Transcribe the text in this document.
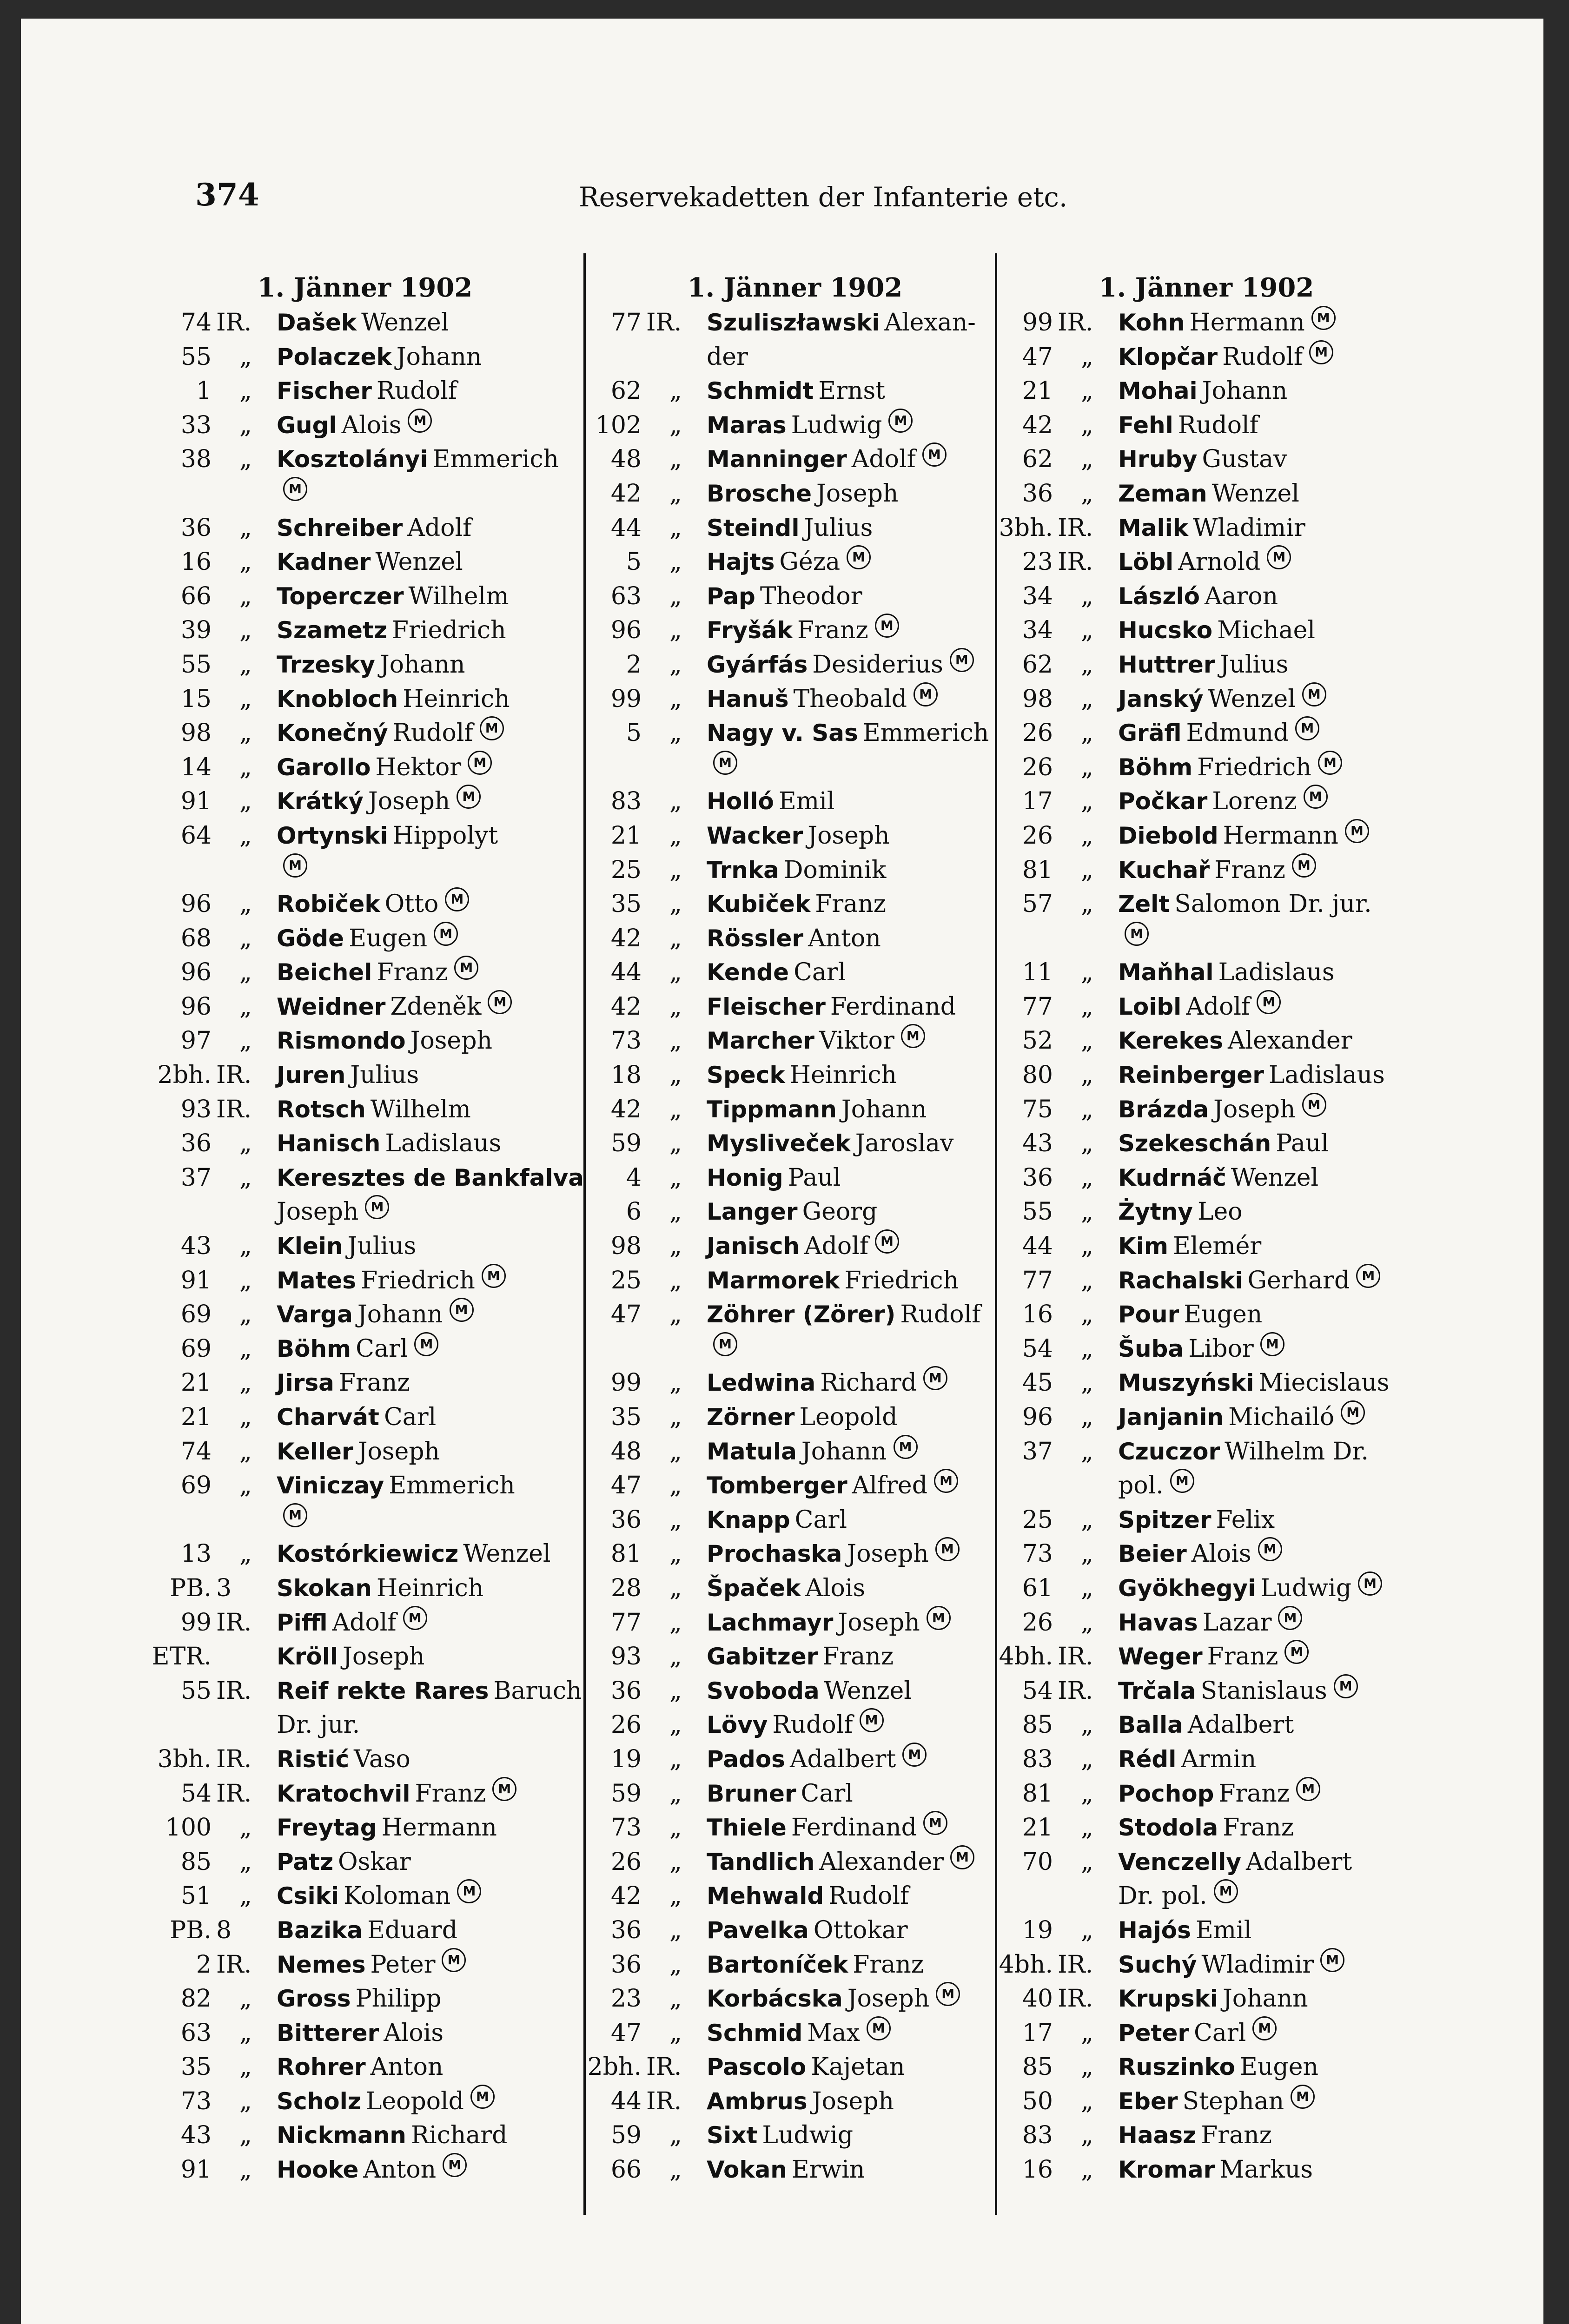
374	Reservekadetten der Infanterie etc.
1. Jänner 1902
74 IR. Dašek Wenzel
55 „ Polaczek Johann
1 „ Fischer Rudolf
33 „ Gugl Alois M
38 „ Kosztolányi Emmerich
M
36 „ Schreiber Adolf
16 „ Kadner Wenzel
66 „ Toperczer Wilhelm
39 „ Szametz Friedrich
55 „ Trzesky Johann
15 „ Knobloch Heinrich
98 „ Konečný Rudolf M
14 „ Garollo Hektor M
91 „ Krátký Joseph M
64 „ Ortynski Hippolyt
M
96 „ Robiček Otto M
68 „ Göde Eugen M
96 „ Beichel Franz M
96 „ Weidner Zdeněk M
97 „ Rismondo Joseph
2bh. IR. Juren Julius
93 IR. Rotsch Wilhelm
36 „ Hanisch Ladislaus
37 „ Keresztes de Bankfalva
Joseph M
43 „ Klein Julius
91 „ Mates Friedrich M
69 „ Varga Johann M
69 „ Böhm Carl M
21 „ Jirsa Franz
21 „ Charvát Carl
74 „ Keller Joseph
69 „ Viniczay Emmerich
M
13 „ Kostórkiewicz Wenzel
PB. 3 Skokan Heinrich
99 IR. Piffl Adolf M
ETR.	Kröll Joseph
55 IR. Reif rekte Rares Baruch
Dr. jur.
3bh. IR. Ristić Vaso
54 IR. Kratochvil Franz M
100 „ Freytag Hermann
85 „ Patz Oskar
51 „ Csiki Koloman M
PB. 8 Bazika Eduard
2 IR. Nemes Peter M
82 „ Gross Philipp
63 „ Bitterer Alois
35 „ Rohrer Anton
73 „ Scholz Leopold M
43 „ Nickmann Richard
91 „ Hooke Anton M
1. Jänner 1902
77 IR. Szuliszławski Alexan-
der
62 „ Schmidt Ernst
102 „ Maras Ludwig M
48 „ Manninger Adolf M
42 „ Brosche Joseph
44 „ Steindl Julius
5 „ Hajts Géza M
63 „ Pap Theodor
96 „ Fryšák Franz M
2 „ Gyárfás Desiderius M
99 „ Hanuš Theobald M
5 „ Nagy v. Sas Emmerich
M
83 „ Holló Emil
21 „ Wacker Joseph
25 „ Trnka Dominik
35 „ Kubiček Franz
42 „ Rössler Anton
44 „ Kende Carl
42 „ Fleischer Ferdinand
73 „ Marcher Viktor M
18 „ Speck Heinrich
42 „ Tippmann Johann
59 „ Myslivеček Jaroslav
4 „ Honig Paul
6 „ Langer Georg
98 „ Janisch Adolf M
25 „ Marmorek Friedrich
47 „ Zöhrer (Zörer) Rudolf
M
99 „ Ledwina Richard M
35 „ Zörner Leopold
48 „ Matula Johann M
47 „ Tomberger Alfred M
36 „ Knapp Carl
81 „ Prochaska Joseph M
28 „ Špaček Alois
77 „ Lachmayr Joseph M
93 „ Gabitzer Franz
36 „ Svoboda Wenzel
26 „ Lövy Rudolf M
19 „ Pados Adalbert M
59 „ Bruner Carl
73 „ Thiele Ferdinand M
26 „ Tandlich Alexander M
42 „ Mehwald Rudolf
36 „ Pavelka Ottokar
36 „ Bartoníček Franz
23 „ Korbácska Joseph M
47 „ Schmid Max M
2bh. IR. Pascolo Kajetan
44 IR. Ambrus Joseph
59 „ Sixt Ludwig
66 „ Vokan Erwin
1. Jänner 1902
99 IR. Kohn Hermann M
47 „ Klopčar Rudolf M
21 „ Mohai Johann
42 „ Fehl Rudolf
62 „ Hruby Gustav
36 „ Zeman Wenzel
3bh. IR. Malik Wladimir
23 IR. Löbl Arnold M
34 „ László Aaron
34 „ Hucsko Michael
62 „ Huttrer Julius
98 „ Janský Wenzel M
26 „ Gräfl Edmund M
26 „ Böhm Friedrich M
17 „ Počkar Lorenz M
26 „ Diebold Hermann M
81 „ Kuchař Franz M
57 „ Zelt Salomon Dr. jur.
M
11 „ Maňhal Ladislaus
77 „ Loibl Adolf M
52 „ Kerekes Alexander
80 „ Reinberger Ladislaus
75 „ Brázda Joseph M
43 „ Szekeschán Paul
36 „ Kudrnáč Wenzel
55 „ Żytny Leo
44 „ Kim Elemér
77 „ Rachalski Gerhard M
16 „ Pour Eugen
54 „ Šuba Libor M
45 „ Muszyński Miecislaus
96 „ Janjanin Michailó M
37 „ Czuczor Wilhelm Dr.
pol. M
25 „ Spitzer Felix
73 „ Beier Alois M
61 „ Gyökhegyi Ludwig M
26 „ Havas Lazar M
4bh. IR. Weger Franz M
54 IR. Trčala Stanislaus M
85 „ Balla Adalbert
83 „ Rédl Armin
81 „ Pochop Franz M
21 „ Stodola Franz
70 „ Venczelly Adalbert
Dr. pol. M
19 „ Hajós Emil
4bh. IR. Suchý Wladimir M
40 IR. Krupski Johann
17 „ Peter Carl M
85 „ Ruszinko Eugen
50 „ Eber Stephan M
83 „ Haasz Franz
16 „ Kromar Markus
